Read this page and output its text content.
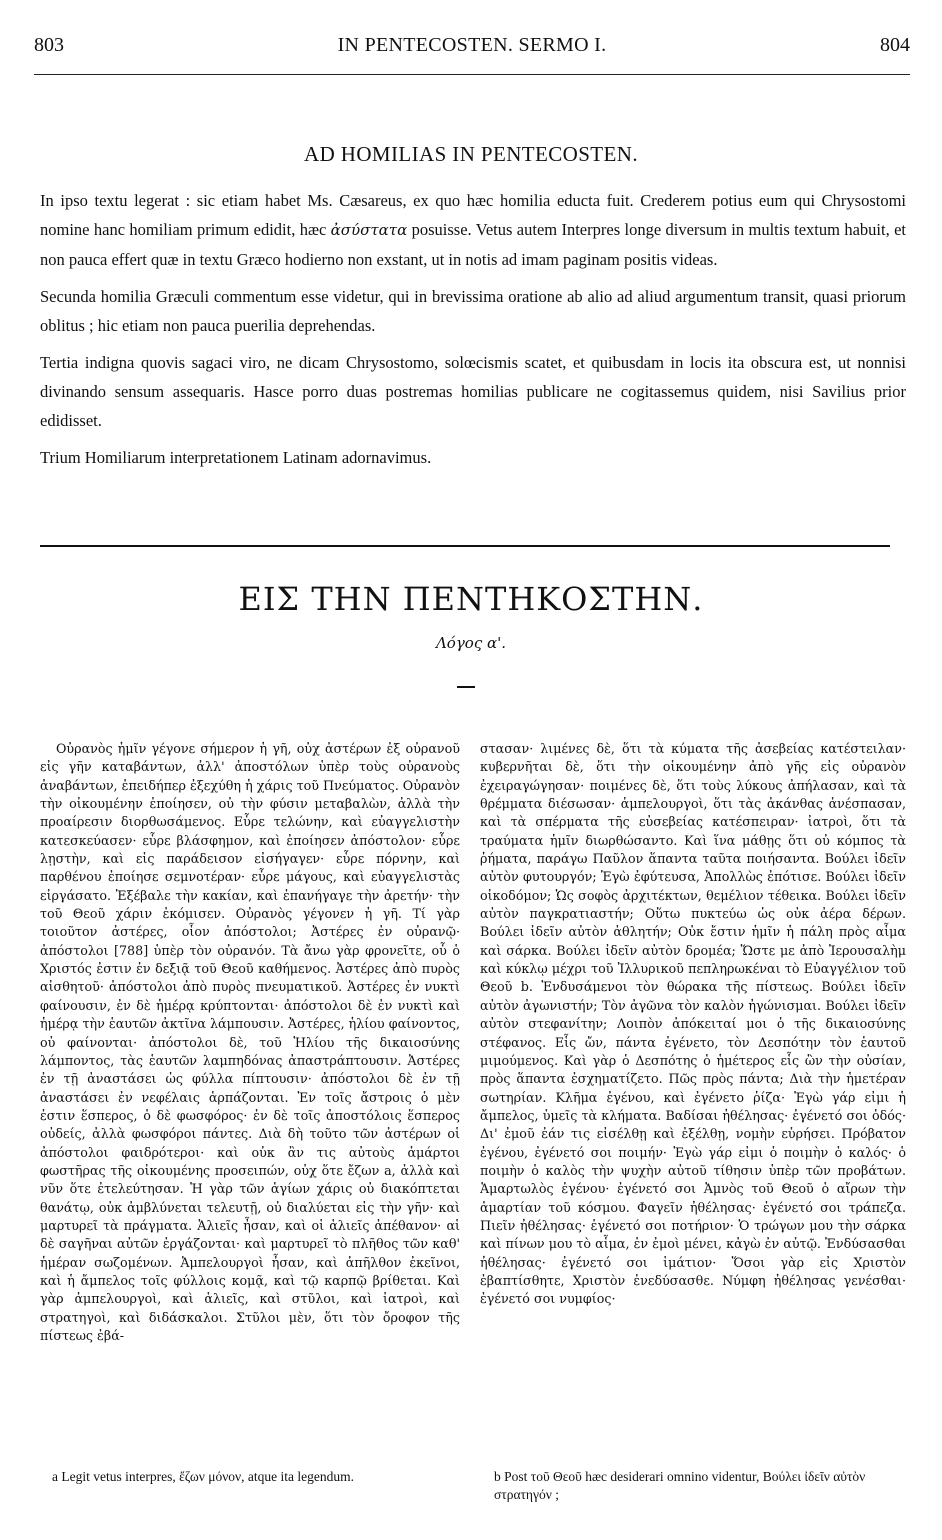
803	IN PENTECOSTEN. SERMO I.	804
AD HOMILIAS IN PENTECOSTEN.

In ipso textu legerat : sic etiam habet Ms. Cæsareus, ex quo hæc homilia educta fuit. Crederem potius eum qui Chrysostomi nomine hanc homiliam primum edidit, hæc ἀσύστατα posuisse. Vetus autem Interpres longe diversum in multis textum habuit, et non pauca effert quæ in textu Græco hodierno non exstant, ut in notis ad imam paginam positis videas.

Secunda homilia Græculi commentum esse videtur, qui in brevissima oratione ab alio ad aliud argumentum transit, quasi priorum oblitus ; hic etiam non pauca puerilia deprehendas.

Tertia indigna quovis sagaci viro, ne dicam Chrysostomo, solœcismis scatet, et quibusdam in locis ita obscura est, ut nonnisi divinando sensum assequaris. Hasce porro duas postremas homilias publicare ne cogitassemus quidem, nisi Savilius prior edidisset.

Trium Homiliarum interpretationem Latinam adornavimus.

ΕΙΣ ΤΗΝ ΠΕΝΤΗΚΟΣΤΗΝ.
Λόγος α'.

Οὐρανὸς ἡμῖν γέγονε σήμερον ἡ γῆ, οὐχ ἀστέρων ἐξ οὐρανοῦ εἰς γῆν καταβάντων, ἀλλ' ἀποστόλων ὑπὲρ τοὺς οὐρανοὺς ἀναβάντων, ἐπειδήπερ ἐξεχύθη ἡ χάρις τοῦ Πνεύματος. Οὐρανὸν τὴν οἰκουμένην ἐποίησεν, οὐ τὴν φύσιν μεταβαλὼν, ἀλλὰ τὴν προαίρεσιν διορθωσάμενος. Εὗρε τελώνην, καὶ εὐαγγελιστὴν κατεσκεύασεν· εὗρε βλάσφημον, καὶ ἐποίησεν ἀπόστολον· εὗρε λῃστὴν, καὶ εἰς παράδεισον εἰσήγαγεν· εὗρε πόρνην, καὶ παρθένου ἐποίησε σεμνοτέραν· εὗρε μάγους, καὶ εὐαγγελιστὰς εἰργάσατο. Ἐξέβαλε τὴν κακίαν, καὶ ἐπανήγαγε τὴν ἀρετήν· τὴν τοῦ Θεοῦ χάριν ἐκόμισεν. Οὐρανὸς γέγονεν ἡ γῆ. Τί γὰρ τοιοῦτον ἀστέρες, οἷον ἀπόστολοι; Ἀστέρες ἐν οὐρανῷ· ἀπόστολοι [788] ὑπὲρ τὸν οὐρανόν. Τὰ ἄνω γὰρ φρονεῖτε, οὗ ὁ Χριστός ἐστιν ἐν δεξιᾷ τοῦ Θεοῦ καθήμενος. Ἀστέρες ἀπὸ πυρὸς αἰσθητοῦ· ἀπόστολοι ἀπὸ πυρὸς πνευματικοῦ. Ἀστέρες ἐν νυκτὶ φαίνουσιν, ἐν δὲ ἡμέρᾳ κρύπτονται· ἀπόστολοι δὲ ἐν νυκτὶ καὶ ἡμέρᾳ τὴν ἑαυτῶν ἀκτῖνα λάμπουσιν. Ἀστέρες, ἡλίου φαίνοντος, οὐ φαίνονται· ἀπόστολοι δὲ, τοῦ Ἡλίου τῆς δικαιοσύνης λάμποντος, τὰς ἑαυτῶν λαμπηδόνας ἀπαστράπτουσιν. Ἀστέρες ἐν τῇ ἀναστάσει ὡς φύλλα πίπτουσιν· ἀπόστολοι δὲ ἐν τῇ ἀναστάσει ἐν νεφέλαις ἁρπάζονται. Ἐν τοῖς ἄστροις ὁ μὲν ἐστιν ἕσπερος, ὁ δὲ φωσφόρος· ἐν δὲ τοῖς ἀποστόλοις ἕσπερος οὐδείς, ἀλλὰ φωσφόροι πάντες. Διὰ δὴ τοῦτο τῶν ἀστέρων οἱ ἀπόστολοι φαιδρότεροι· καὶ οὐκ ἂν τις αὐτοὺς ἁμάρτοι φωστῆρας τῆς οἰκουμένης προσειπών, οὐχ ὅτε ἔζων a, ἀλλὰ καὶ νῦν ὅτε ἐτελεύτησαν. Ἡ γὰρ τῶν ἁγίων χάρις οὐ διακόπτεται θανάτῳ, οὐκ ἀμβλύνεται τελευτῇ, οὐ διαλύεται εἰς τὴν γῆν· καὶ μαρτυρεῖ τὰ πράγματα. Ἁλιεῖς ἦσαν, καὶ οἱ ἁλιεῖς ἀπέθανον· αἱ δὲ σαγῆναι αὐτῶν ἐργάζονται· καὶ μαρτυρεῖ τὸ πλῆθος τῶν καθ' ἡμέραν σωζομένων. Ἀμπελουργοὶ ἦσαν, καὶ ἀπῆλθον ἐκεῖνοι, καὶ ἡ ἄμπελος τοῖς φύλλοις κομᾷ, καὶ τῷ καρπῷ βρίθεται. Καὶ γὰρ ἀμπελουργοὶ, καὶ ἁλιεῖς, καὶ στῦλοι, καὶ ἰατροὶ, καὶ στρατηγοὶ, καὶ διδάσκαλοι. Στῦλοι μὲν, ὅτι τὸν ὄροφον τῆς πίστεως ἐβά-

στασαν· λιμένες δὲ, ὅτι τὰ κύματα τῆς ἀσεβείας κατέστειλαν· κυβερνῆται δὲ, ὅτι τὴν οἰκουμένην ἀπὸ γῆς εἰς οὐρανὸν ἐχειραγώγησαν· ποιμένες δὲ, ὅτι τοὺς λύκους ἀπήλασαν, καὶ τὰ θρέμματα διέσωσαν· ἀμπελουργοὶ, ὅτι τὰς ἀκάνθας ἀνέσπασαν, καὶ τὰ σπέρματα τῆς εὐσεβείας κατέσπειραν· ἰατροὶ, ὅτι τὰ τραύματα ἡμῖν διωρθώσαντο. Καὶ ἵνα μάθῃς ὅτι οὐ κόμπος τὰ ῥήματα, παράγω Παῦλον ἅπαντα ταῦτα ποιήσαντα. Βούλει ἰδεῖν αὐτὸν φυτουργόν; Ἐγὼ ἐφύτευσα, Ἀπολλὼς ἐπότισε. Βούλει ἰδεῖν οἰκοδόμον; Ὡς σοφὸς ἀρχιτέκτων, θεμέλιον τέθεικα. Βούλει ἰδεῖν αὐτὸν παγκρατιαστήν; Οὕτω πυκτεύω ὡς οὐκ ἀέρα δέρων. Βούλει ἰδεῖν αὐτὸν ἀθλητήν; Οὐκ ἔστιν ἡμῖν ἡ πάλη πρὸς αἷμα καὶ σάρκα. Βούλει ἰδεῖν αὐτὸν δρομέα; Ὥστε με ἀπὸ Ἱερουσαλὴμ καὶ κύκλῳ μέχρι τοῦ Ἰλλυρικοῦ πεπληρωκέναι τὸ Εὐαγγέλιον τοῦ Θεοῦ b. Ἐνδυσάμενοι τὸν θώρακα τῆς πίστεως. Βούλει ἰδεῖν αὐτὸν ἀγωνιστήν; Τὸν ἀγῶνα τὸν καλὸν ἠγώνισμαι. Βούλει ἰδεῖν αὐτὸν στεφανίτην; Λοιπὸν ἀπόκειταί μοι ὁ τῆς δικαιοσύνης στέφανος. Εἷς ὤν, πάντα ἐγένετο, τὸν Δεσπότην τὸν ἑαυτοῦ μιμούμενος. Καὶ γὰρ ὁ Δεσπότης ὁ ἡμέτερος εἷς ὢν τὴν οὐσίαν, πρὸς ἅπαντα ἐσχηματίζετο. Πῶς πρὸς πάντα; Διὰ τὴν ἡμετέραν σωτηρίαν. Κλῆμα ἐγένου, καὶ ἐγένετο ῥίζα· Ἐγὼ γάρ εἰμι ἡ ἄμπελος, ὑμεῖς τὰ κλήματα. Βαδίσαι ἠθέλησας· ἐγένετό σοι ὁδός· Δι' ἐμοῦ ἐάν τις εἰσέλθῃ καὶ ἐξέλθῃ, νομὴν εὑρήσει. Πρόβατον ἐγένου, ἐγένετό σοι ποιμήν· Ἐγὼ γάρ εἰμι ὁ ποιμὴν ὁ καλός· ὁ ποιμὴν ὁ καλὸς τὴν ψυχὴν αὐτοῦ τίθησιν ὑπὲρ τῶν προβάτων. Ἁμαρτωλὸς ἐγένου· ἐγένετό σοι Ἀμνὸς τοῦ Θεοῦ ὁ αἴρων τὴν ἁμαρτίαν τοῦ κόσμου. Φαγεῖν ἠθέλησας· ἐγένετό σοι τράπεζα. Πιεῖν ἠθέλησας· ἐγένετό σοι ποτήριον· Ὁ τρώγων μου τὴν σάρκα καὶ πίνων μου τὸ αἷμα, ἐν ἐμοὶ μένει, κἀγὼ ἐν αὐτῷ. Ἐνδύσασθαι ἠθέλησας· ἐγένετό σοι ἱμάτιον· Ὅσοι γὰρ εἰς Χριστὸν ἐβαπτίσθητε, Χριστὸν ἐνεδύσασθε. Νύμφη ἠθέλησας γενέσθαι· ἐγένετό σοι νυμφίος·

a Legit vetus interpres, ἔζων μόνον, atque ita legendum.	b Post τοῦ Θεοῦ hæc desiderari omnino videntur, Βούλει ἰδεῖν αὐτὸν στρατηγόν ;
